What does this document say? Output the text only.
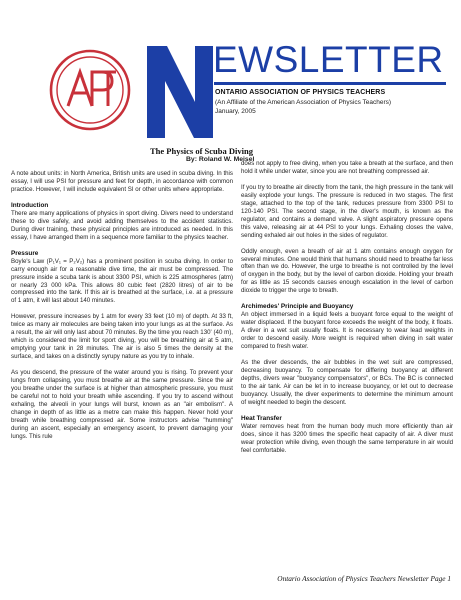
EWSLETTER
ONTARIO ASSOCIATION OF PHYSICS TEACHERS
(An Affiliate of the American Association of Physics Teachers)
January, 2005
The Physics of Scuba Diving
By: Roland W. Meisel

A note about units: in North America, British units are used in scuba diving. In this essay, I will use PSI for pressure and feet for depth, in accordance with common practice. However, I will include equivalent SI or other units where appropriate.

Introduction

There are many applications of physics in sport diving. Divers need to understand these to dive safely, and avoid adding themselves to the accident statistics. During diver training, these physical principles are introduced as needed. In this essay, I have arranged them in a sequence more familiar to the physics teacher.

Pressure

Boyle's Law (P₁V₁ = P₂V₂) has a prominent position in scuba diving. In order to carry enough air for a reasonable dive time, the air must be compressed. The pressure inside a scuba tank is about 3300 PSI, which is 225 atmospheres (atm) or nearly 23 000 kPa. This allows 80 cubic feet (2820 litres) of air to be compressed into the tank. If this air is breathed at the surface, i.e. at a pressure of 1 atm, it will last about 140 minutes.

However, pressure increases by 1 atm for every 33 feet (10 m) of depth. At 33 ft, twice as many air molecules are being taken into your lungs as at the surface. As a result, the air will only last about 70 minutes. By the time you reach 130' (40 m), which is considered the limit for sport diving, you will be breathing air at 5 atm, emptying your tank in 28 minutes. The air is also 5 times the density at the surface, and takes on a distinctly syrupy nature as you try to inhale.

As you descend, the pressure of the water around you is rising. To prevent your lungs from collapsing, you must breathe air at the same pressure. Since the air you breathe under the surface is at higher than atmospheric pressure, you must be careful not to hold your breath while ascending. If you try to ascend without exhaling, the alveoli in your lungs will burst, known as an "air embolism". A change in depth of as little as a metre can make this happen. Never hold your breath while breathing compressed air. Some instructors advise "humming" during an ascent, especially an emergency ascent, to prevent damaging your lungs. This rule

does not apply to free diving, when you take a breath at the surface, and then hold it while under water, since you are not breathing compressed air.

If you try to breathe air directly from the tank, the high pressure in the tank will easily explode your lungs. The pressure is reduced in two stages. The first stage, attached to the top of the tank, reduces pressure from 3300 PSI to 120-140 PSI. The second stage, in the diver's mouth, is known as the regulator, and contains a demand valve. A slight aspiratory pressure opens this valve, releasing air at 44 PSI to your lungs. Exhaling closes the valve, sending exhaled air out holes in the sides of regulator.

Oddly enough, even a breath of air at 1 atm contains enough oxygen for several minutes. One would think that humans should need to breathe far less often than we do. However, the urge to breathe is not controlled by the level of oxygen in the body, but by the level of carbon dioxide. Holding your breath for as little as 15 seconds causes enough escalation in the level of carbon dioxide to trigger the urge to breath.

Archimedes' Principle and Buoyancy

An object immersed in a liquid feels a buoyant force equal to the weight of water displaced. If the buoyant force exceeds the weight of the body, it floats. A diver in a wet suit usually floats. It is necessary to wear lead weights in order to descend easily. More weight is required when diving in salt water compared to fresh water.

As the diver descends, the air bubbles in the wet suit are compressed, decreasing buoyancy. To compensate for differing buoyancy at different depths, divers wear "buoyancy compensators", or BCs. The BC is connected to the air tank. Air can be let in to increase buoyancy, or let out to decrease buoyancy. Usually, the diver experiments to determine the minimum amount of weight needed to begin the descent.

Heat Transfer

Water removes heat from the human body much more efficiently than air does, since it has 3200 times the specific heat capacity of air. A diver must wear protection while diving, even though the same temperature in air would feel comfortable.

Ontario Association of Physics Teachers Newsletter Page 1
